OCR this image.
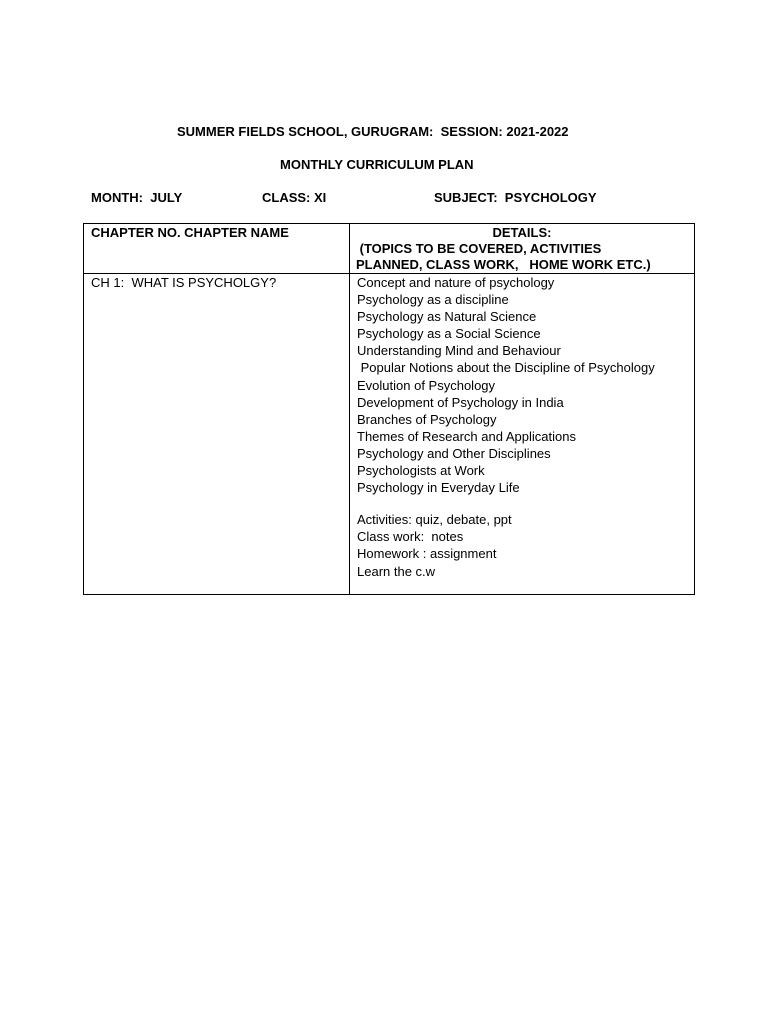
SUMMER FIELDS SCHOOL, GURUGRAM:  SESSION: 2021-2022
MONTHLY CURRICULUM PLAN
MONTH:  JULY	CLASS: XI	SUBJECT:  PSYCHOLOGY
CHAPTER NO. CHAPTER NAME	DETAILS:
(TOPICS TO BE COVERED, ACTIVITIES
PLANNED, CLASS WORK,   HOME WORK ETC.)
CH 1:  WHAT IS PSYCHOLGY?	Concept and nature of psychology
Psychology as a discipline
Psychology as Natural Science
Psychology as a Social Science
Understanding Mind and Behaviour
Popular Notions about the Discipline of Psychology
Evolution of Psychology
Development of Psychology in India
Branches of Psychology
Themes of Research and Applications
Psychology and Other Disciplines
Psychologists at Work
Psychology in Everyday Life
Activities: quiz, debate, ppt
Class work:  notes
Homework : assignment
Learn the c.w
